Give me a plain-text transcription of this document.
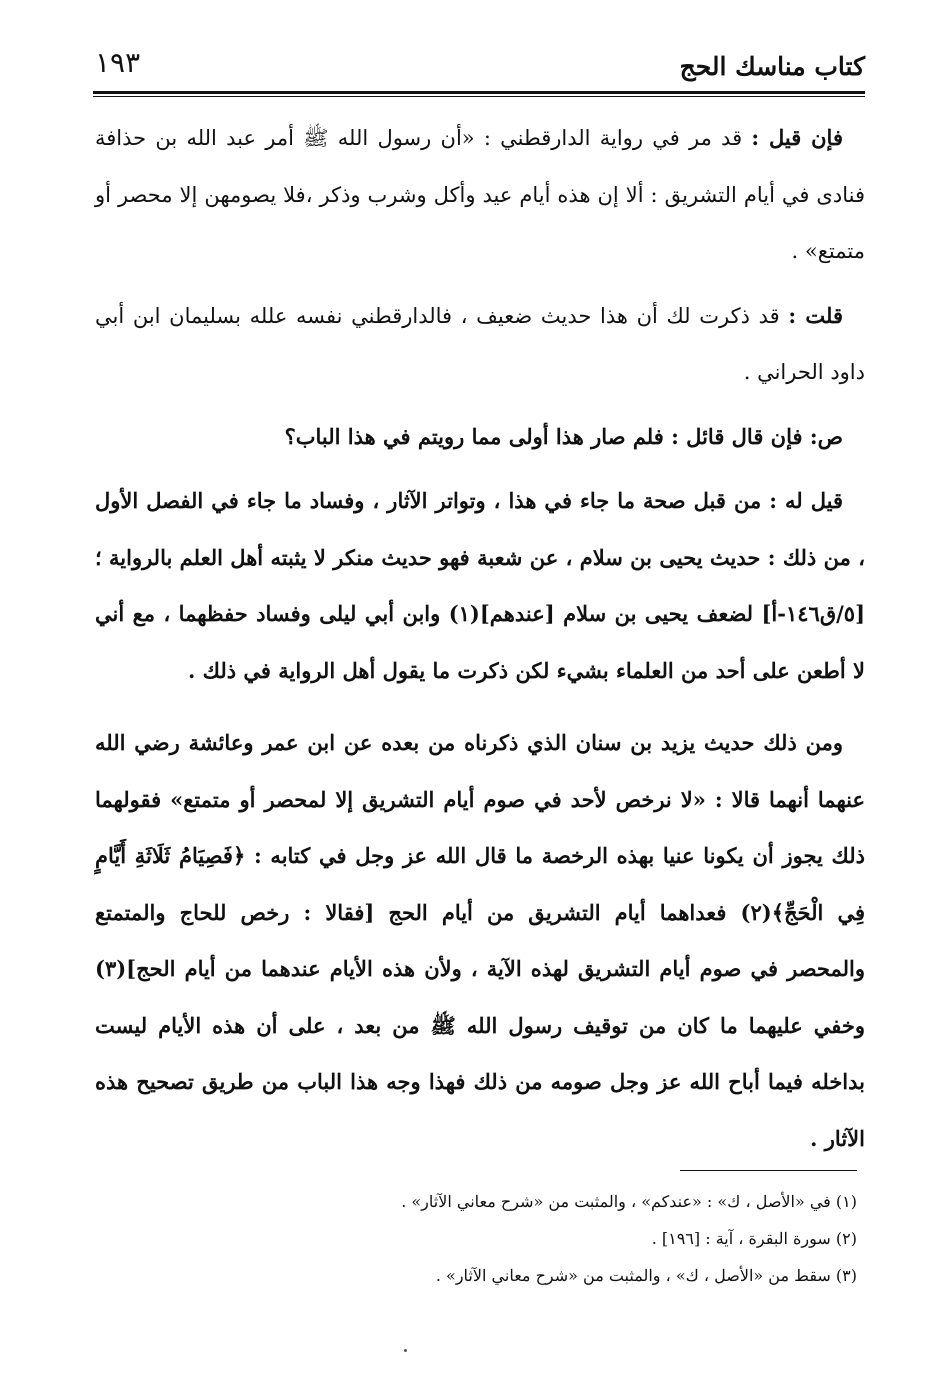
كتاب مناسك الحج
١٩٣

فإن قيل : قد مر في رواية الدارقطني : «أن رسول الله ﷺ أمر عبد الله بن حذافة فنادى في أيام التشريق : ألا إن هذه أيام عيد وأكل وشرب وذكر ،فلا يصومهن إلا محصر أو متمتع» .

قلت : قد ذكرت لك أن هذا حديث ضعيف ، فالدارقطني نفسه علله بسليمان ابن أبي داود الحراني .

ص: فإن قال قائل : فلم صار هذا أولى مما رويتم في هذا الباب؟

قيل له : من قبل صحة ما جاء في هذا ، وتواتر الآثار ، وفساد ما جاء في الفصل الأول ، من ذلك : حديث يحيى بن سلام ، عن شعبة فهو حديث منكر لا يثبته أهل العلم بالرواية ؛ [٥/ق١٤٦-أ] لضعف يحيى بن سلام [عندهم](١) وابن أبي ليلى وفساد حفظهما ، مع أني لا أطعن على أحد من العلماء بشيء لكن ذكرت ما يقول أهل الرواية في ذلك .

ومن ذلك حديث يزيد بن سنان الذي ذكرناه من بعده عن ابن عمر وعائشة رضي الله عنهما أنهما قالا : «لا نرخص لأحد في صوم أيام التشريق إلا لمحصر أو متمتع» فقولهما ذلك يجوز أن يكونا عنيا بهذه الرخصة ما قال الله عز وجل في كتابه : ﴿فَصِيَامُ ثَلَاثَةِ أَيَّامٍ فِي الْحَجِّ﴾(٢) فعداهما أيام التشريق من أيام الحج [فقالا : رخص للحاج والمتمتع والمحصر في صوم أيام التشريق لهذه الآية ، ولأن هذه الأيام عندهما من أيام الحج](٣) وخفي عليهما ما كان من توقيف رسول الله ﷺ من بعد ، على أن هذه الأيام ليست بداخله فيما أباح الله عز وجل صومه من ذلك فهذا وجه هذا الباب من طريق تصحيح هذه الآثار .

(١) في «الأصل ، ك» : «عندكم» ، والمثبت من «شرح معاني الآثار» .
(٢) سورة البقرة ، آية : [١٩٦] .
(٣) سقط من «الأصل ، ك» ، والمثبت من «شرح معاني الآثار» .
